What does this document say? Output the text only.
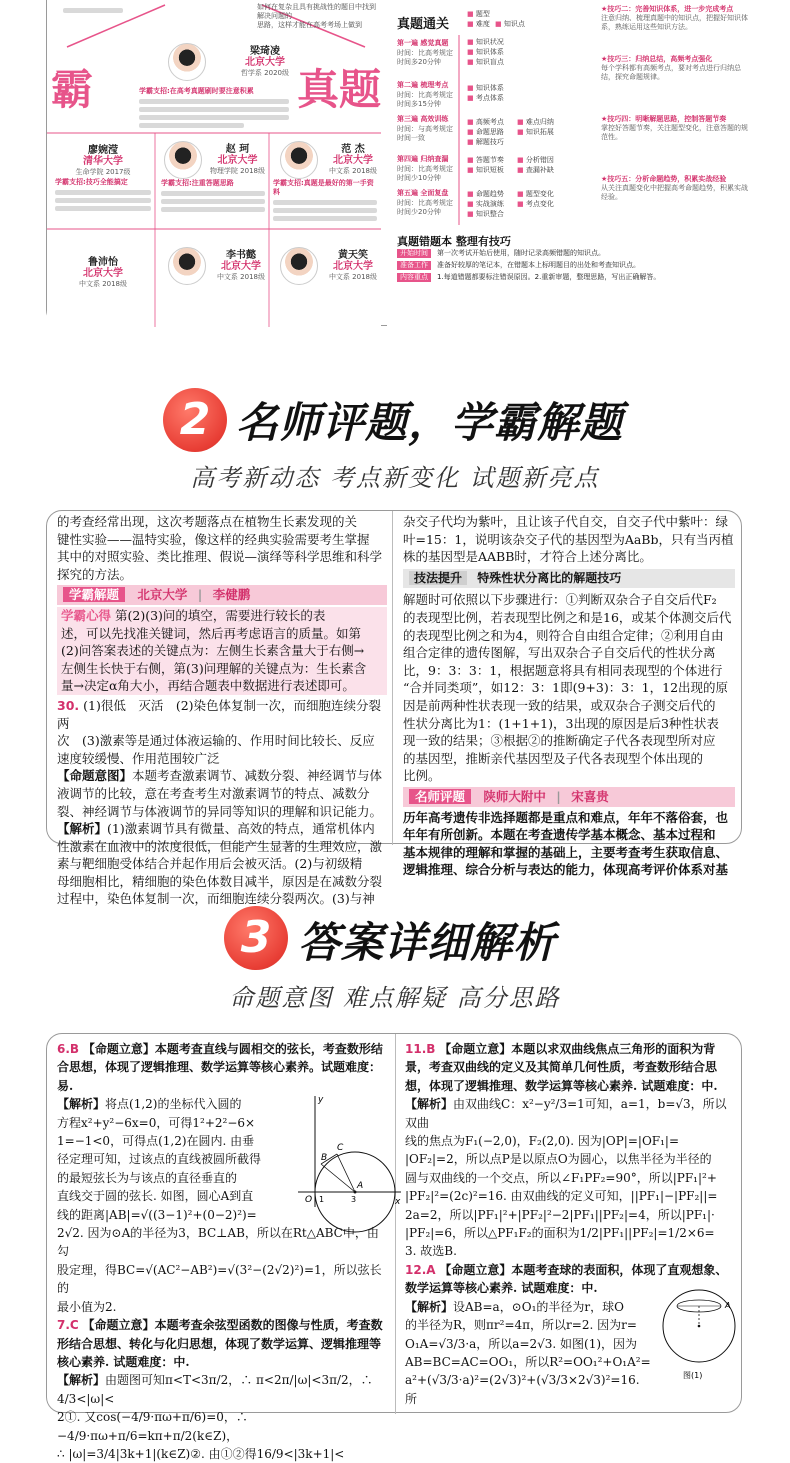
霸	真题
如何在复杂且具有挑战性的题目中找到解决问题的
思路，这样才能在高考考场上做到
梁琦凌
北京大学
哲学系 2020级
学霸支招:在高考真题刷时要注意积累
廖婉滢
清华大学
生命学院 2017级
学霸支招:技巧全能搞定
赵 珂
北京大学
物理学院 2018级
学霸支招:注重答题思路
范 杰
北京大学
中文系 2018级
学霸支招:真题是最好的第一手资料
鲁沛怡
北京大学
中文系 2018级
李书懿
北京大学
中文系 2018级
黄天笑
北京大学
中文系 2018级
真题通关
■ 题型
■ 难度
■	知识点
第一遍 感觉真题
时间：比高考规定时间多20分钟
■ 知识状况
■ 知识体系
■ 知识盲点
第二遍 梳理考点
时间：比高考规定时间多15分钟
■ 知识体系
■ 考点体系
第三遍 高效训练
时间：与高考规定时间一致
■ 高频考点
■ 命题思路
■ 解题技巧
■ 难点归纳
■ 知识拓展
第四遍 归纳查漏
时间：比高考规定时间少10分钟
■ 答题节奏
■ 知识短板
■ 分析错因
■ 查漏补缺
第五遍 全面复盘
时间：比高考规定时间少20分钟
■ 命题趋势
■ 实战演练
■ 知识整合
■ 题型变化
■ 考点变化
真题错题本 整理有技巧
开始时间	第一次考试开始后使用，随时记录高频错题的知识点。
准备工作	准备好较厚的笔记本，在错题本上标明题目的出处和考查知识点。
内容重点	1.每道错题都要标注错误原因。2.重新审题，整理思路，写出正确解答。
★技巧二：完善知识体系，进一步完成考点
注意归纳、梳理真题中的知识点，把握好知识体系，熟练运用这些知识方法。
★技巧三：归纳总结，高频考点强化
每个学科都有高频考点，要对考点进行归纳总结，探究命题规律。
★技巧四：明晰解题思路，控制答题节奏
掌控好答题节奏，关注题型变化，注意答题的规范性。
★技巧五：分析命题趋势，积累实战经验
从关注真题变化中把握高考命题趋势，积累实战经验。
2 名师评题，学霸解题
高考新动态 考点新变化 试题新亮点
的考查经常出现，这次考题落点在植物生长素发现的关
键性实验——温特实验，像这样的经典实验需要考生掌握
其中的对照实验、类比推理、假说—演绎等科学思维和科学
探究的方法。
学霸解题 北京大学 | 李健鹏
学霸心得 第(2)(3)问的填空，需要进行较长的表
述，可以先找准关键词，然后再考虑语言的质量。如第
(2)问答案表述的关键点为：左侧生长素含量大于右侧→
左侧生长快于右侧，第(3)问理解的关键点为：生长素含
量→决定α角大小，再结合题表中数据进行表述即可。
30. (1)很低　灭活　(2)染色体复制一次，而细胞连续分裂两
次　(3)激素等是通过体液运输的、作用时间比较长、反应
速度较缓慢、作用范围较广泛
【命题意图】本题考查激素调节、减数分裂、神经调节与体
液调节的比较，意在考查考生对激素调节的特点、减数分
裂、神经调节与体液调节的异同等知识的理解和识记能力。
【解析】(1)激素调节具有微量、高效的特点，通常机体内
性激素在血液中的浓度很低，但能产生显著的生理效应，激
素与靶细胞受体结合并起作用后会被灭活。(2)与初级精
母细胞相比，精细胞的染色体数目减半，原因是在减数分裂
过程中，染色体复制一次，而细胞连续分裂两次。(3)与神
杂交子代均为紫叶，且让该子代自交，自交子代中紫叶：绿
叶=15：1，说明该杂交子代的基因型为AaBb，只有当丙植
株的基因型是AABB时，才符合上述分离比。
技法提升 特殊性状分离比的解题技巧
解题时可依照以下步骤进行：①判断双杂合子自交后代F₂
的表现型比例，若表现型比例之和是16，或某个体测交后代
的表现型比例之和为4，则符合自由组合定律；②利用自由
组合定律的遗传图解，写出双杂合子自交后代的性状分离
比，9：3：3：1，根据题意将具有相同表现型的个体进行
“合并同类项”，如12：3：1即(9+3)：3：1，12出现的原
因是前两种性状表现一致的结果，或双杂合子测交后代的
性状分离比为1：(1+1+1)，3出现的原因是后3种性状表
现一致的结果；③根据②的推断确定子代各表现型所对应
的基因型，推断亲代基因型及子代各表现型个体出现的
比例。
名师评题 陕师大附中 | 宋喜贵
历年高考遗传非选择题都是重点和难点，年年不落俗套，也
年年有所创新。本题在考查遗传学基本概念、基本过程和
基本规律的理解和掌握的基础上，主要考查考生获取信息、
逻辑推理、综合分析与表达的能力，体现高考评价体系对基
3 答案详细解析
命题意图 难点解疑 高分思路
6.B 【命题立意】本题考查直线与圆相交的弦长，考查数形结合思想，体现了逻辑推理、数学运算等核心素养。试题难度：易.
【解析】将点(1,2)的坐标代入圆的
方程x²+y²−6x=0，可得1²+2²−6×
1=−1<0，可得点(1,2)在圆内. 由垂
径定理可知，过该点的直线被圆所截得
的最短弦长为与该点的直径垂直的
直线交于圆的弦长. 如图，圆心A到直
线的距离|AB|=√((3−1)²+(0−2)²)=
2√2. 因为⊙A的半径为3，BC⊥AB，所以在Rt△ABC中，由勾
股定理，得BC=√(AC²−AB²)=√(3²−(2√2)²)=1，所以弦长的
最小值为2.
7.C 【命题立意】本题考查余弦型函数的图像与性质，考查数形结合思想、转化与化归思想，体现了数学运算、逻辑推理等核心素养. 试题难度：中.
【解析】由题图可知π<T<3π/2，∴ π<2π/|ω|<3π/2，∴ 4/3<|ω|<
2①. 又cos(−4/9·πω+π/6)=0，∴ −4/9·πω+π/6=kπ+π/2(k∈Z)，
∴ |ω|=3/4|3k+1|(k∈Z)②. 由①②得16/9<|3k+1|<
y
x
O
A
B
C
1	3
11.B 【命题立意】本题以求双曲线焦点三角形的面积为背景，考查双曲线的定义及其简单几何性质，考查数形结合思想，体现了逻辑推理、数学运算等核心素养. 试题难度：中.
【解析】由双曲线C：x²−y²/3=1可知，a=1，b=√3，所以双曲
线的焦点为F₁(−2,0)，F₂(2,0). 因为|OP|=|OF₁|=
|OF₂|=2，所以点P是以原点O为圆心，以焦半径为半径的
圆与双曲线的一个交点，所以∠F₁PF₂=90°，所以|PF₁|²+
|PF₂|²=(2c)²=16. 由双曲线的定义可知，||PF₁|−|PF₂||=
2a=2，所以|PF₁|²+|PF₂|²−2|PF₁||PF₂|=4，所以|PF₁|·
|PF₂|=6，所以△PF₁F₂的面积为1/2|PF₁||PF₂|=1/2×6=
3. 故选B.
12.A 【命题立意】本题考查球的表面积，体现了直观想象、数学运算等核心素养. 试题难度：中.
【解析】设AB=a，⊙O₁的半径为r，球O
的半径为R，则πr²=4π，所以r=2. 因为r=
O₁A=√3/3·a，所以a=2√3. 如图(1)，因为
AB=BC=AC=OO₁，所以R²=OO₁²+O₁A²=
a²+(√3/3·a)²=(2√3)²+(√3/3×2√3)²=16. 所
A
图(1)
